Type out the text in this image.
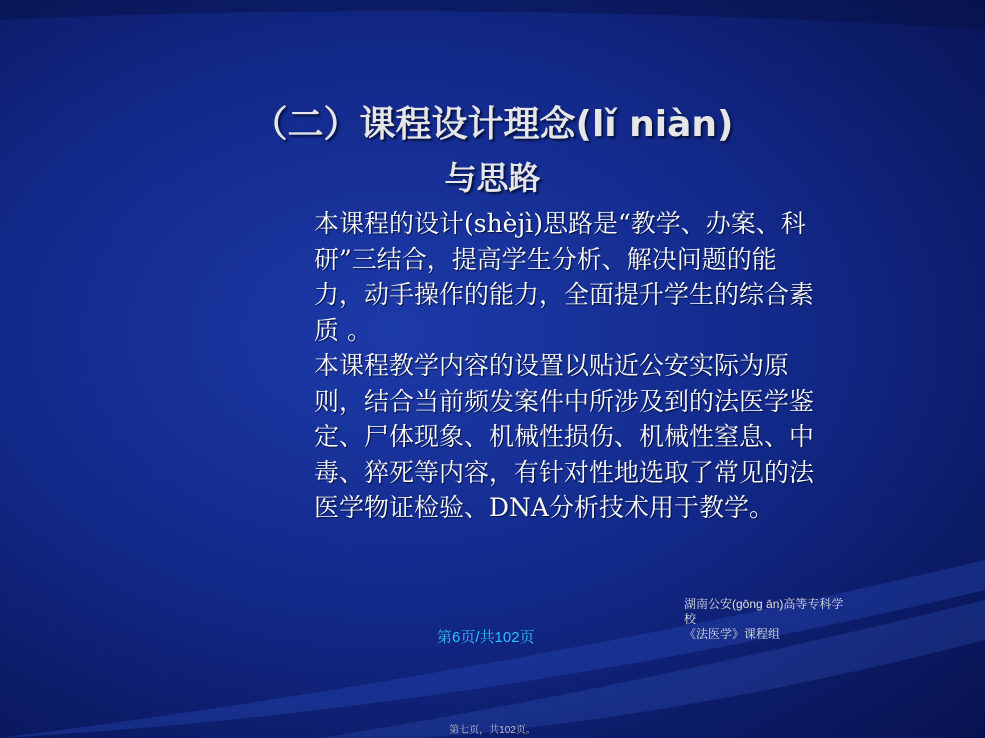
（二）课程设计理念(lǐ niàn)
与思路

本课程的设计(shèjì)思路是“教学、办案、科研”三结合，提高学生分析、解决问题的能力，动手操作的能力，全面提升学生的综合素质 。

本课程教学内容的设置以贴近公安实际为原则，结合当前频发案件中所涉及到的法医学鉴定、尸体现象、机械性损伤、机械性窒息、中毒、猝死等内容，有针对性地选取了常见的法医学物证检验、DNA分析技术用于教学。

第6页/共102页
湖南公安(gōng ān)高等专科学校
《法医学》课程组
第七页，共102页。
